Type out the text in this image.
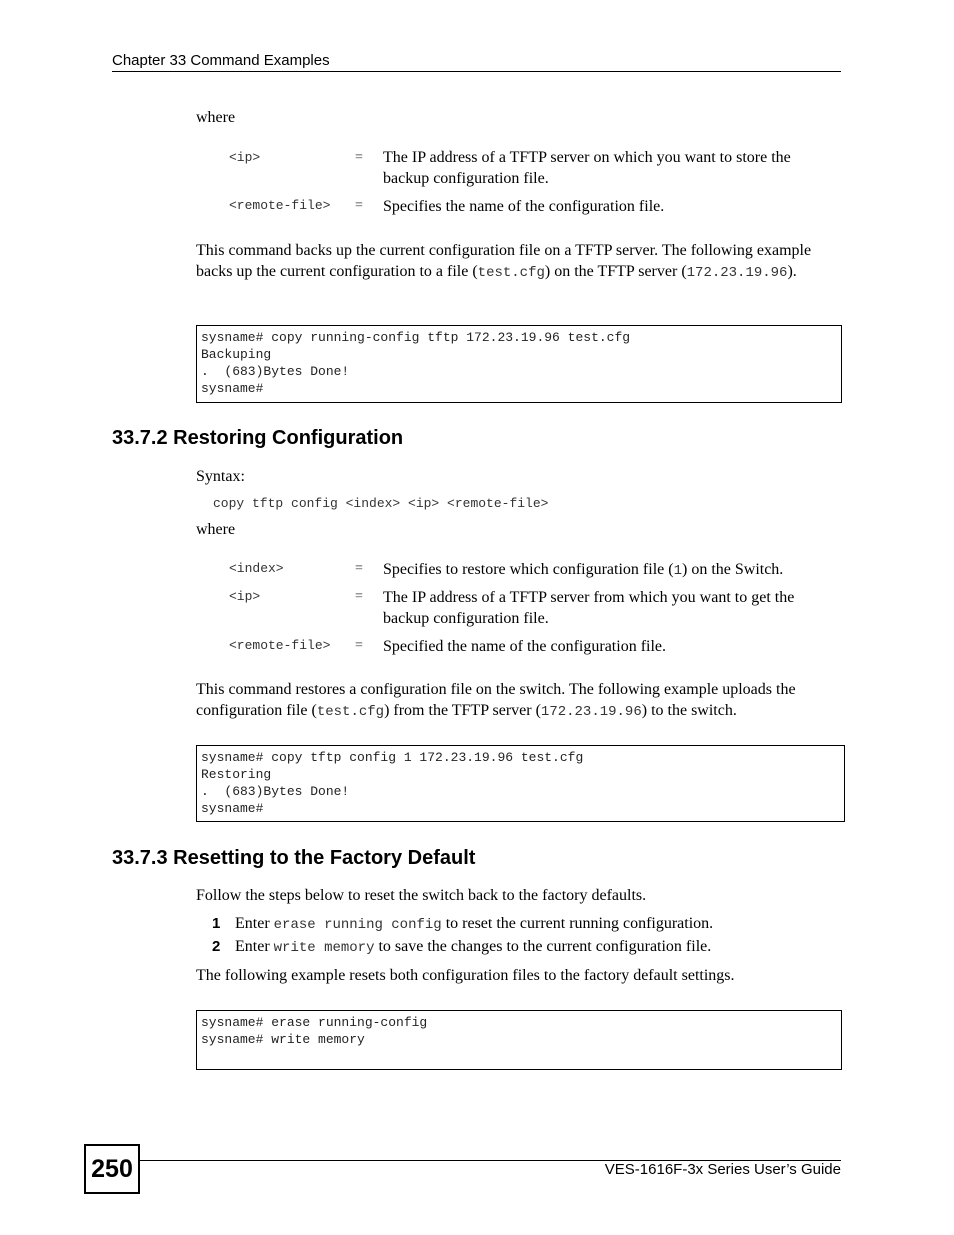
Chapter 33 Command Examples
where
<ip>	= The IP address of a TFTP server on which you want to store the backup configuration file.
<remote-file> = Specifies the name of the configuration file.
This command backs up the current configuration file on a TFTP server. The following example backs up the current configuration to a file (test.cfg) on the TFTP server (172.23.19.96).
sysname# copy running-config tftp 172.23.19.96 test.cfg
Backuping
.  (683)Bytes Done!
sysname#
33.7.2 Restoring Configuration
Syntax:
copy tftp config <index> <ip> <remote-file>
where
<index>	= Specifies to restore which configuration file (1) on the Switch.
<ip>	= The IP address of a TFTP server from which you want to get the backup configuration file.
<remote-file> = Specified the name of the configuration file.
This command restores a configuration file on the switch. The following example uploads the configuration file (test.cfg) from the TFTP server (172.23.19.96) to the switch.
sysname# copy tftp config 1 172.23.19.96 test.cfg
Restoring
.  (683)Bytes Done!
sysname#
33.7.3 Resetting to the Factory Default
Follow the steps below to reset the switch back to the factory defaults.
1 Enter erase running config to reset the current running configuration.
2 Enter write memory to save the changes to the current configuration file.
The following example resets both configuration files to the factory default settings.
sysname# erase running-config
sysname# write memory
250	VES-1616F-3x Series User’s Guide
